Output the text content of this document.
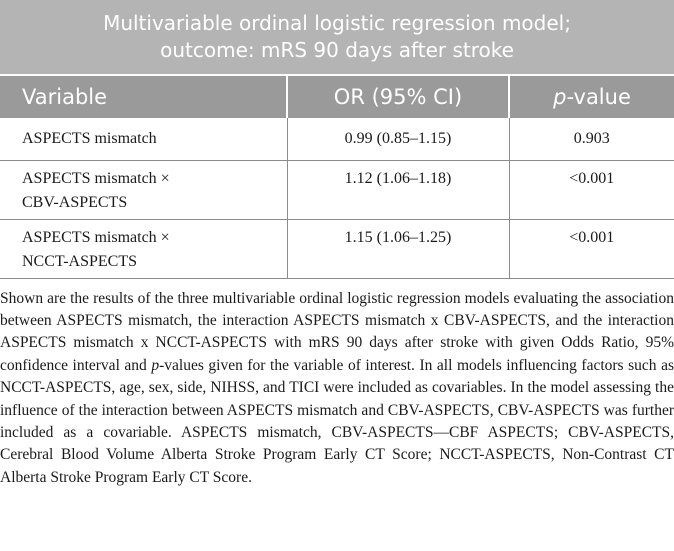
Multivariable ordinal logistic regression model;
outcome: mRS 90 days after stroke		

Variable	OR (95% CI)	p-value
ASPECTS mismatch	0.99 (0.85–1.15)	0.903

ASPECTS mismatch ×
CBV-ASPECTS	1.12 (1.06–1.18)	<0.001

ASPECTS mismatch ×
NCCT-ASPECTS	1.15 (1.06–1.25)	<0.001

Shown are the results of the three multivariable ordinal logistic regression models evaluating the association between ASPECTS mismatch, the interaction ASPECTS mismatch x CBV-ASPECTS, and the interaction ASPECTS mismatch x NCCT-ASPECTS with mRS 90 days after stroke with given Odds Ratio, 95% confidence interval and p-values given for the variable of interest. In all models influencing factors such as NCCT-ASPECTS, age, sex, side, NIHSS, and TICI were included as covariables. In the model assessing the influence of the interaction between ASPECTS mismatch and CBV-ASPECTS, CBV-ASPECTS was further included as a covariable. ASPECTS mismatch, CBV-ASPECTS—CBF ASPECTS; CBV-ASPECTS, Cerebral Blood Volume Alberta Stroke Program Early CT Score; NCCT-ASPECTS, Non-Contrast CT Alberta Stroke Program Early CT Score.
